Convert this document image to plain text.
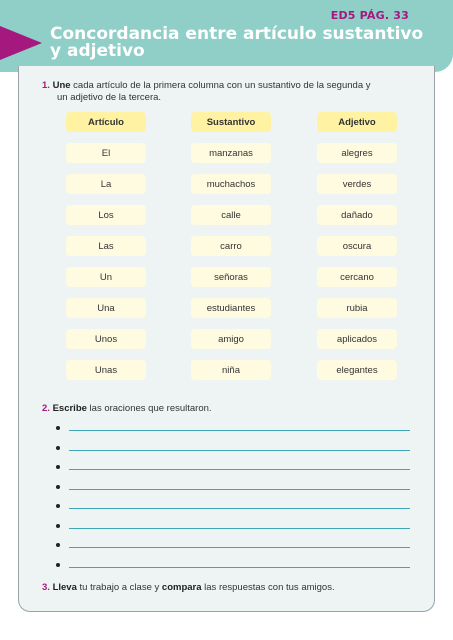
ED5 PÁG. 33
Concordancia entre artículo sustantivo y adjetivo
1. Une cada artículo de la primera columna con un sustantivo de la segunda y
un adjetivo de la tercera.
Artículo
El
La
Los
Las
Un
Una
Unos
Unas
Sustantivo
manzanas
muchachos
calle
carro
señoras
estudiantes
amigo
niña
Adjetivo
alegres
verdes
dañado
oscura
cercano
rubia
aplicados
elegantes
2. Escribe las oraciones que resultaron.
3. Lleva tu trabajo a clase y compara las respuestas con tus amigos.
